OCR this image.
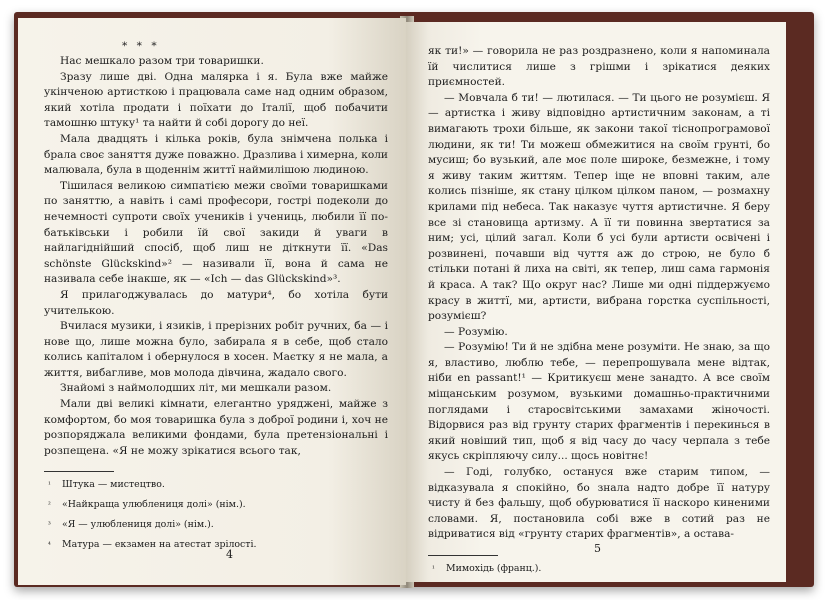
* * *

Нас мешкало разом три товаришки.

Зразу лише дві. Одна малярка і я. Була вже майже укінченою артисткою і працювала саме над одним образом, який хотіла продати і поїхати до Італії, щоб побачити тамошню штуку¹ та найти й собі дорогу до неї.

Мала двадцять і кілька років, була знімчена полька і брала своє заняття дуже поважно. Дразлива і химерна, коли малювала, була в щоденнім життї наймилішою людиною.

Тішилася великою симпатією межи своїми товаришками по заняттю, а навіть і самі професори, гострі подеколи до нечемності супроти своїх учеників і учениць, любили її по-батьківськи і робили їй свої закиди й уваги в найлагіднійший спосіб, щоб лиш не діткнути її. «Das schönste Glückskind»² — називали її, вона й сама не називала себе інакше, як — «Ich — das Glückskind»³.

Я прилагоджувалась до матури⁴, бо хотіла бути учителькою.

Вчилася музики, і язиків, і прерізних робіт ручних, ба — і нове що, лише можна було, забирала я в себе, щоб стало колись капіталом і обернулося в хосен. Маєтку я не мала, а життя, вибагливе, мов молода дівчина, жадало свого.

Знайомі з наймолодших літ, ми мешкали разом.

Мали дві великі кімнати, елегантно уряджені, майже з комфортом, бо моя товаришка була з доброї родини і, хоч не розпоряджала великими фондами, була претензіональні і розпещена. «Я не можу зрікатися всього так,

¹ Штука — мистецтво.
² «Найкраща улюблениця долі» (нім.).
³ «Я — улюблениця долі» (нім.).
⁴ Матура — екзамен на атестат зрілості.
4

як ти!» — говорила не раз роздразнено, коли я напоминала їй числитися лише з грішми і зрікатися деяких приємностей.

— Мовчала б ти! — лютилася. — Ти цього не розумієш. Я — артистка і живу відповідно артистичним законам, а ті вимагають трохи більше, як закони такої тіснопрограмової людини, як ти! Ти можеш обмежитися на своїм грунті, бо мусиш; бо вузький, але моє поле широке, безмежне, і тому я живу таким життям. Тепер іще не вповні таким, але колись пізніше, як стану цілком цілком паном, — розмахну крилами під небеса. Так наказує чуття артистичне. Я беру все зі становища артизму. А її ти повинна звертатися за ним; усі, цілий загал. Коли б усі були артисти освічені і розвинені, почавши від чуття аж до строю, не було б стільки потані й лиха на світі, як тепер, лиш сама гармонія й краса. А так? Що округ нас? Лише ми одні піддержуємо красу в життї, ми, артисти, вибрана горстка суспільності, розумієш?

— Розумію.

— Розумію! Ти й не здібна мене розуміти. Не знаю, за що я, властиво, люблю тебе, — перепрошувала мене відтак, ніби en passant!¹ — Критикуєш мене занадто. А все своїм міщанським розумом, вузькими домашньо-практичними поглядами і старосвітськими замахами жіночості. Відорвися раз від грунту старих фрагментів і перекинься в який новіший тип, щоб я від часу до часу черпала з тебе якусь скріпляючу силу... щось новітнє!

— Годі, голубко, остануся вже старим типом, — відказувала я спокійно, бо знала надто добре її натуру чисту й без фальшу, щоб обурюватися її наскоро киненими словами. Я, постановила собі вже в сотий раз не відриватися від «грунту старих фрагментів», а остава-

¹ Мимохідь (франц.).
5
